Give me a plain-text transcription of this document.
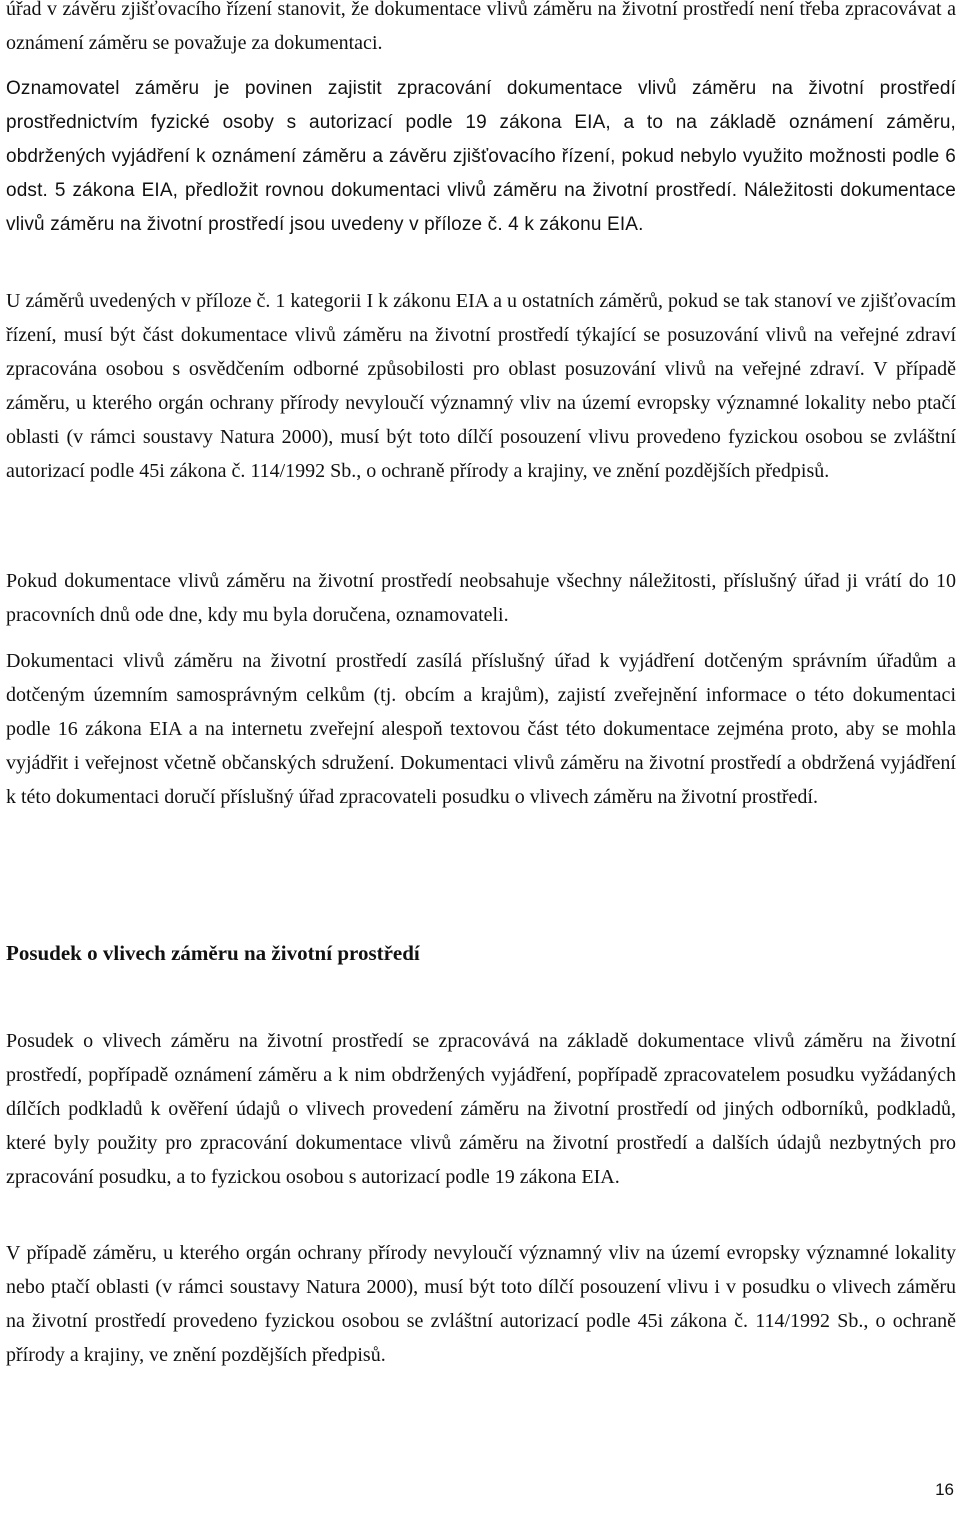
úřad v závěru zjišťovacího řízení stanovit, že dokumentace vlivů záměru na životní prostředí není třeba zpracovávat a oznámení záměru se považuje za dokumentaci.

Oznamovatel záměru je povinen zajistit zpracování dokumentace vlivů záměru na životní prostředí prostřednictvím fyzické osoby s autorizací podle 19 zákona EIA, a to na základě oznámení záměru, obdržených vyjádření k oznámení záměru a závěru zjišťovacího řízení, pokud nebylo využito možnosti podle 6 odst. 5 zákona EIA, předložit rovnou dokumentaci vlivů záměru na životní prostředí. Náležitosti dokumentace vlivů záměru na životní prostředí jsou uvedeny v příloze č. 4 k zákonu EIA.

U záměrů uvedených v příloze č. 1 kategorii I k zákonu EIA a u ostatních záměrů, pokud se tak stanoví ve zjišťovacím řízení, musí být část dokumentace vlivů záměru na životní prostředí týkající se posuzování vlivů na veřejné zdraví zpracována osobou s osvědčením odborné způsobilosti pro oblast posuzování vlivů na veřejné zdraví. V případě záměru, u kterého orgán ochrany přírody nevyloučí významný vliv na území evropsky významné lokality nebo ptačí oblasti (v rámci soustavy Natura 2000), musí být toto dílčí posouzení vlivu provedeno fyzickou osobou se zvláštní autorizací podle 45i zákona č. 114/1992 Sb., o ochraně přírody a krajiny, ve znění pozdějších předpisů.

Pokud dokumentace vlivů záměru na životní prostředí neobsahuje všechny náležitosti, příslušný úřad ji vrátí do 10 pracovních dnů ode dne, kdy mu byla doručena, oznamovateli.

Dokumentaci vlivů záměru na životní prostředí zasílá příslušný úřad k vyjádření dotčeným správním úřadům a dotčeným územním samosprávným celkům (tj. obcím a krajům), zajistí zveřejnění informace o této dokumentaci podle 16 zákona EIA a na internetu zveřejní alespoň textovou část této dokumentace zejména proto, aby se mohla vyjádřit i veřejnost včetně občanských sdružení. Dokumentaci vlivů záměru na životní prostředí a obdržená vyjádření k této dokumentaci doručí příslušný úřad zpracovateli posudku o vlivech záměru na životní prostředí.

Posudek o vlivech záměru na životní prostředí

Posudek o vlivech záměru na životní prostředí se zpracovává na základě dokumentace vlivů záměru na životní prostředí, popřípadě oznámení záměru a k nim obdržených vyjádření, popřípadě zpracovatelem posudku vyžádaných dílčích podkladů k ověření údajů o vlivech provedení záměru na životní prostředí od jiných odborníků, podkladů, které byly použity pro zpracování dokumentace vlivů záměru na životní prostředí a dalších údajů nezbytných pro zpracování posudku, a to fyzickou osobou s autorizací podle 19 zákona EIA.

V případě záměru, u kterého orgán ochrany přírody nevyloučí významný vliv na území evropsky významné lokality nebo ptačí oblasti (v rámci soustavy Natura 2000), musí být toto dílčí posouzení vlivu i v posudku o vlivech záměru na životní prostředí provedeno fyzickou osobou se zvláštní autorizací podle 45i zákona č. 114/1992 Sb., o ochraně přírody a krajiny, ve znění pozdějších předpisů.

16
